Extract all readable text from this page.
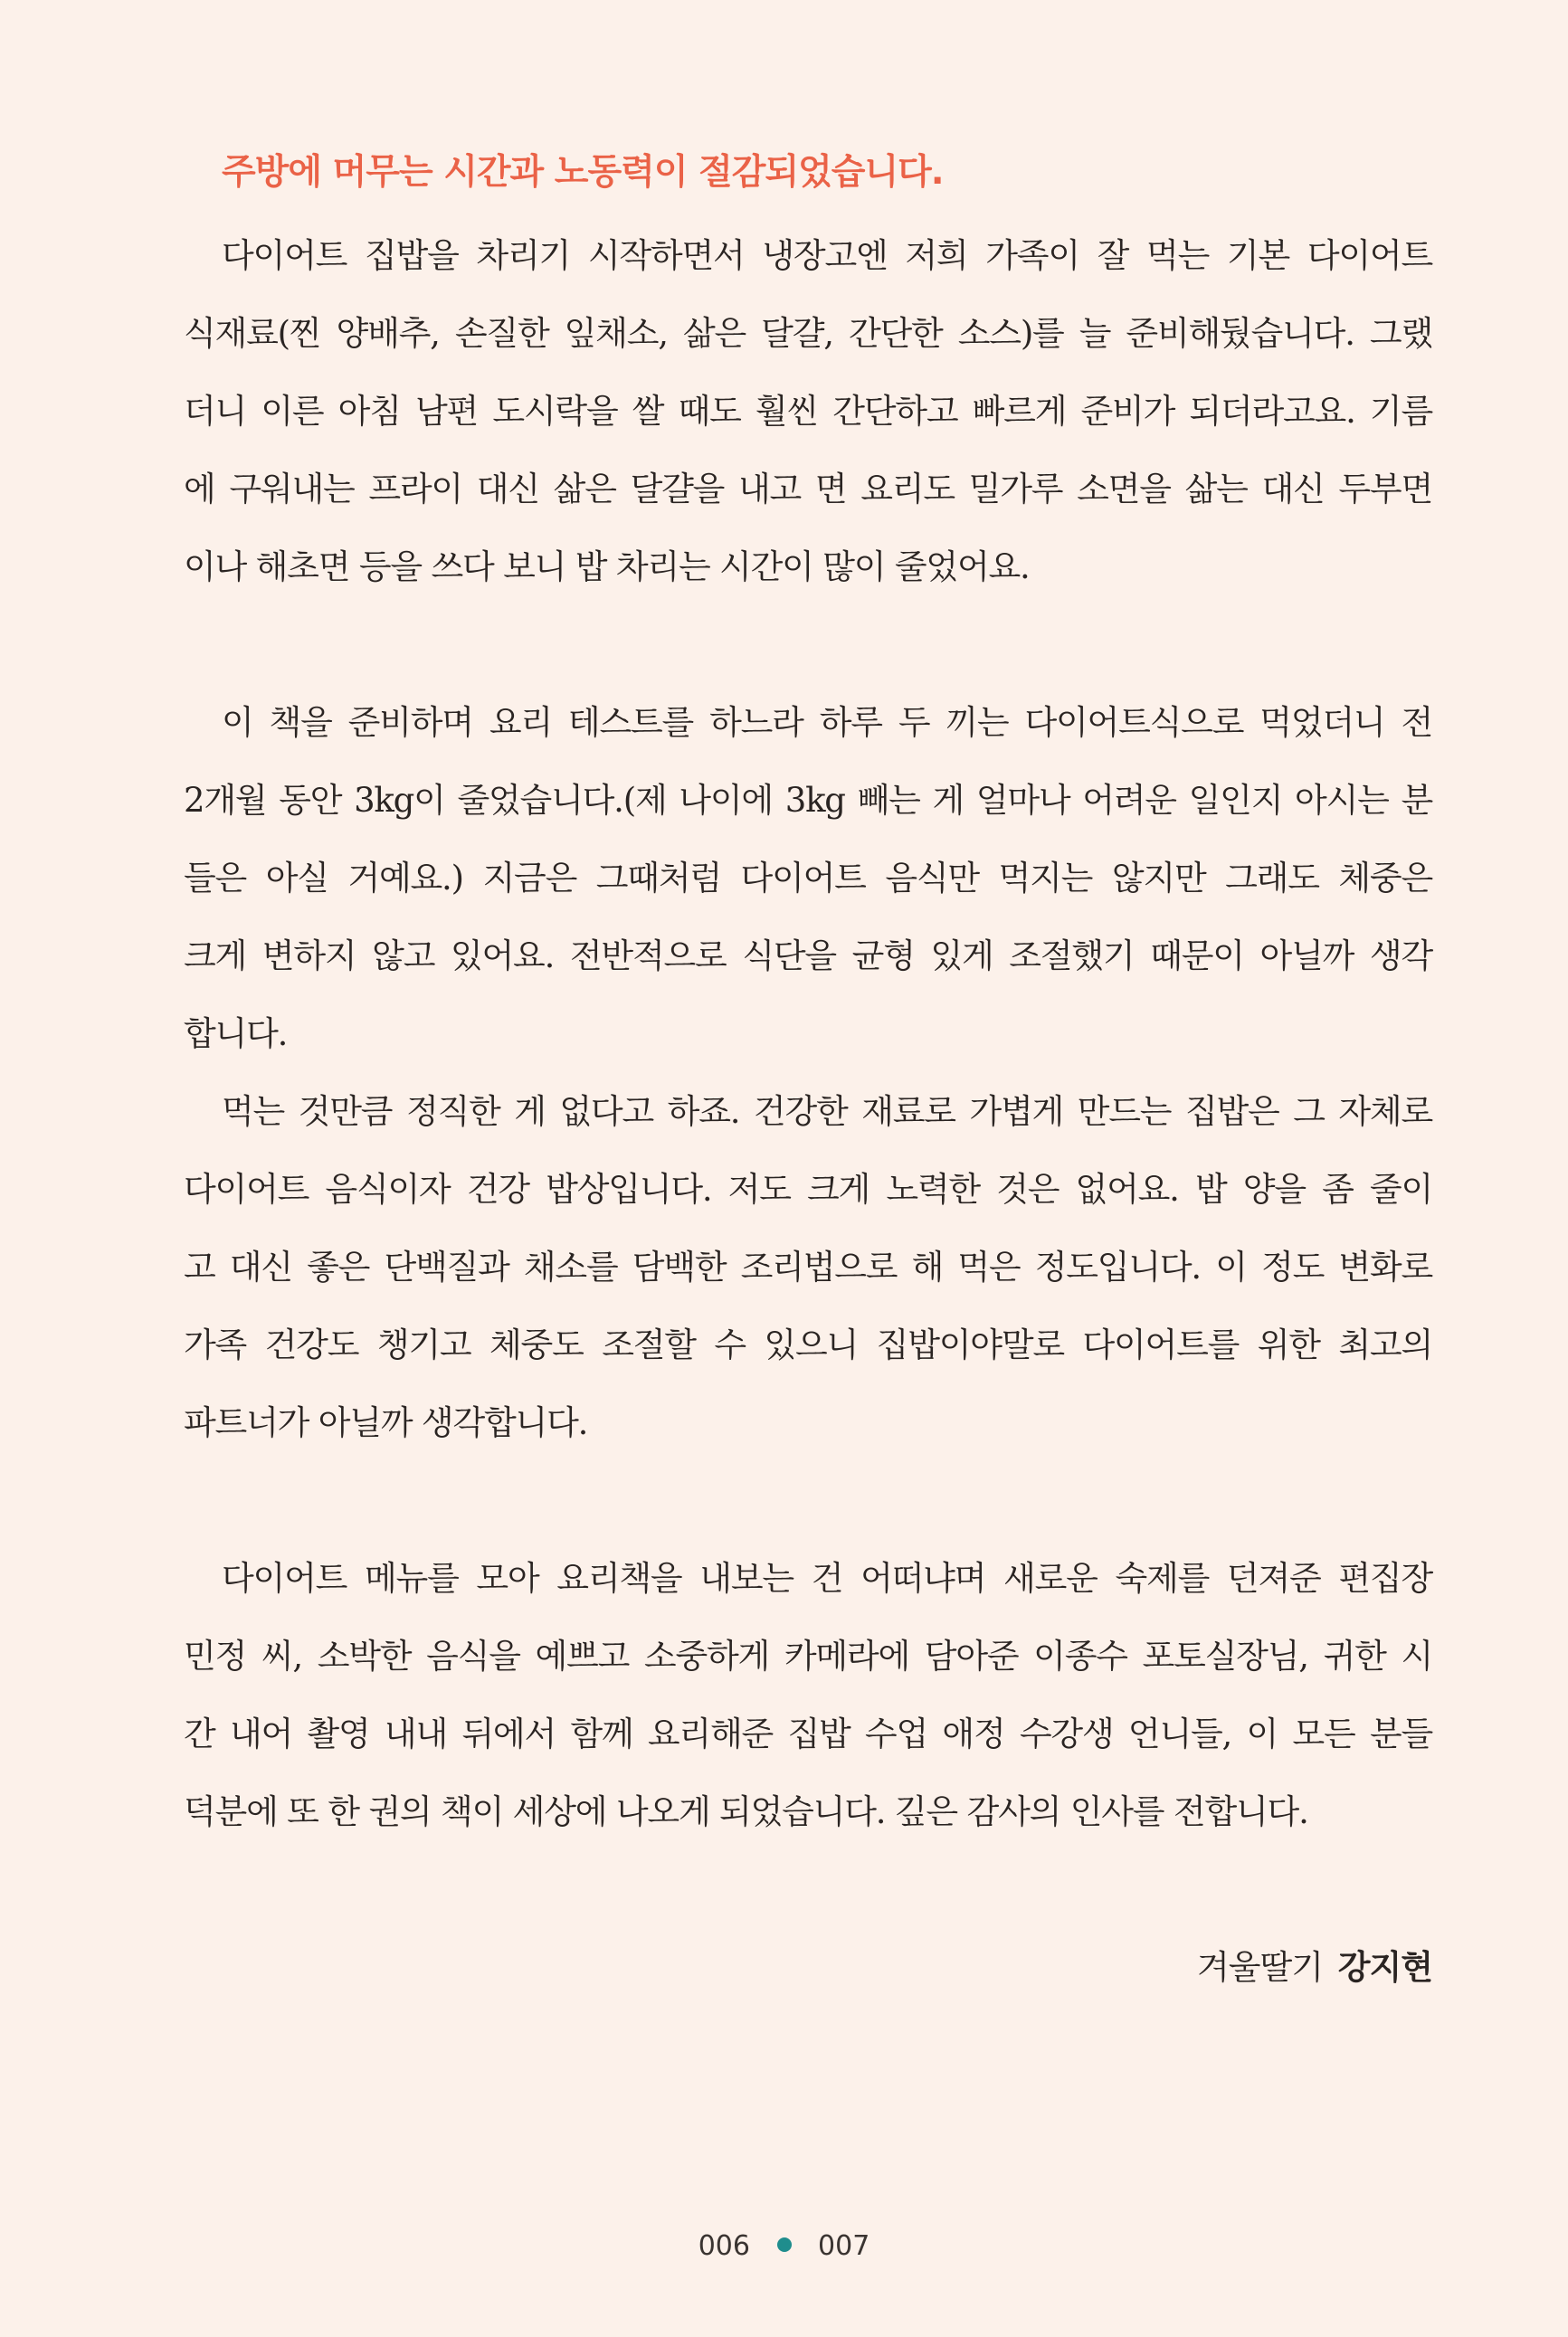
주방에 머무는 시간과 노동력이 절감되었습니다.
다이어트 집밥을 차리기 시작하면서 냉장고엔 저희 가족이 잘 먹는 기본 다이어트
식재료(찐 양배추, 손질한 잎채소, 삶은 달걀, 간단한 소스)를 늘 준비해뒀습니다. 그랬
더니 이른 아침 남편 도시락을 쌀 때도 훨씬 간단하고 빠르게 준비가 되더라고요. 기름
에 구워내는 프라이 대신 삶은 달걀을 내고 면 요리도 밀가루 소면을 삶는 대신 두부면
이나 해초면 등을 쓰다 보니 밥 차리는 시간이 많이 줄었어요.
이 책을 준비하며 요리 테스트를 하느라 하루 두 끼는 다이어트식으로 먹었더니 전
2개월 동안 3kg이 줄었습니다.(제 나이에 3kg 빼는 게 얼마나 어려운 일인지 아시는 분
들은 아실 거예요.) 지금은 그때처럼 다이어트 음식만 먹지는 않지만 그래도 체중은
크게 변하지 않고 있어요. 전반적으로 식단을 균형 있게 조절했기 때문이 아닐까 생각
합니다.
먹는 것만큼 정직한 게 없다고 하죠. 건강한 재료로 가볍게 만드는 집밥은 그 자체로
다이어트 음식이자 건강 밥상입니다. 저도 크게 노력한 것은 없어요. 밥 양을 좀 줄이
고 대신 좋은 단백질과 채소를 담백한 조리법으로 해 먹은 정도입니다. 이 정도 변화로
가족 건강도 챙기고 체중도 조절할 수 있으니 집밥이야말로 다이어트를 위한 최고의
파트너가 아닐까 생각합니다.
다이어트 메뉴를 모아 요리책을 내보는 건 어떠냐며 새로운 숙제를 던져준 편집장
민정 씨, 소박한 음식을 예쁘고 소중하게 카메라에 담아준 이종수 포토실장님, 귀한 시
간 내어 촬영 내내 뒤에서 함께 요리해준 집밥 수업 애정 수강생 언니들, 이 모든 분들
덕분에 또 한 권의 책이 세상에 나오게 되었습니다. 깊은 감사의 인사를 전합니다.
겨울딸기 강지현
006	007
